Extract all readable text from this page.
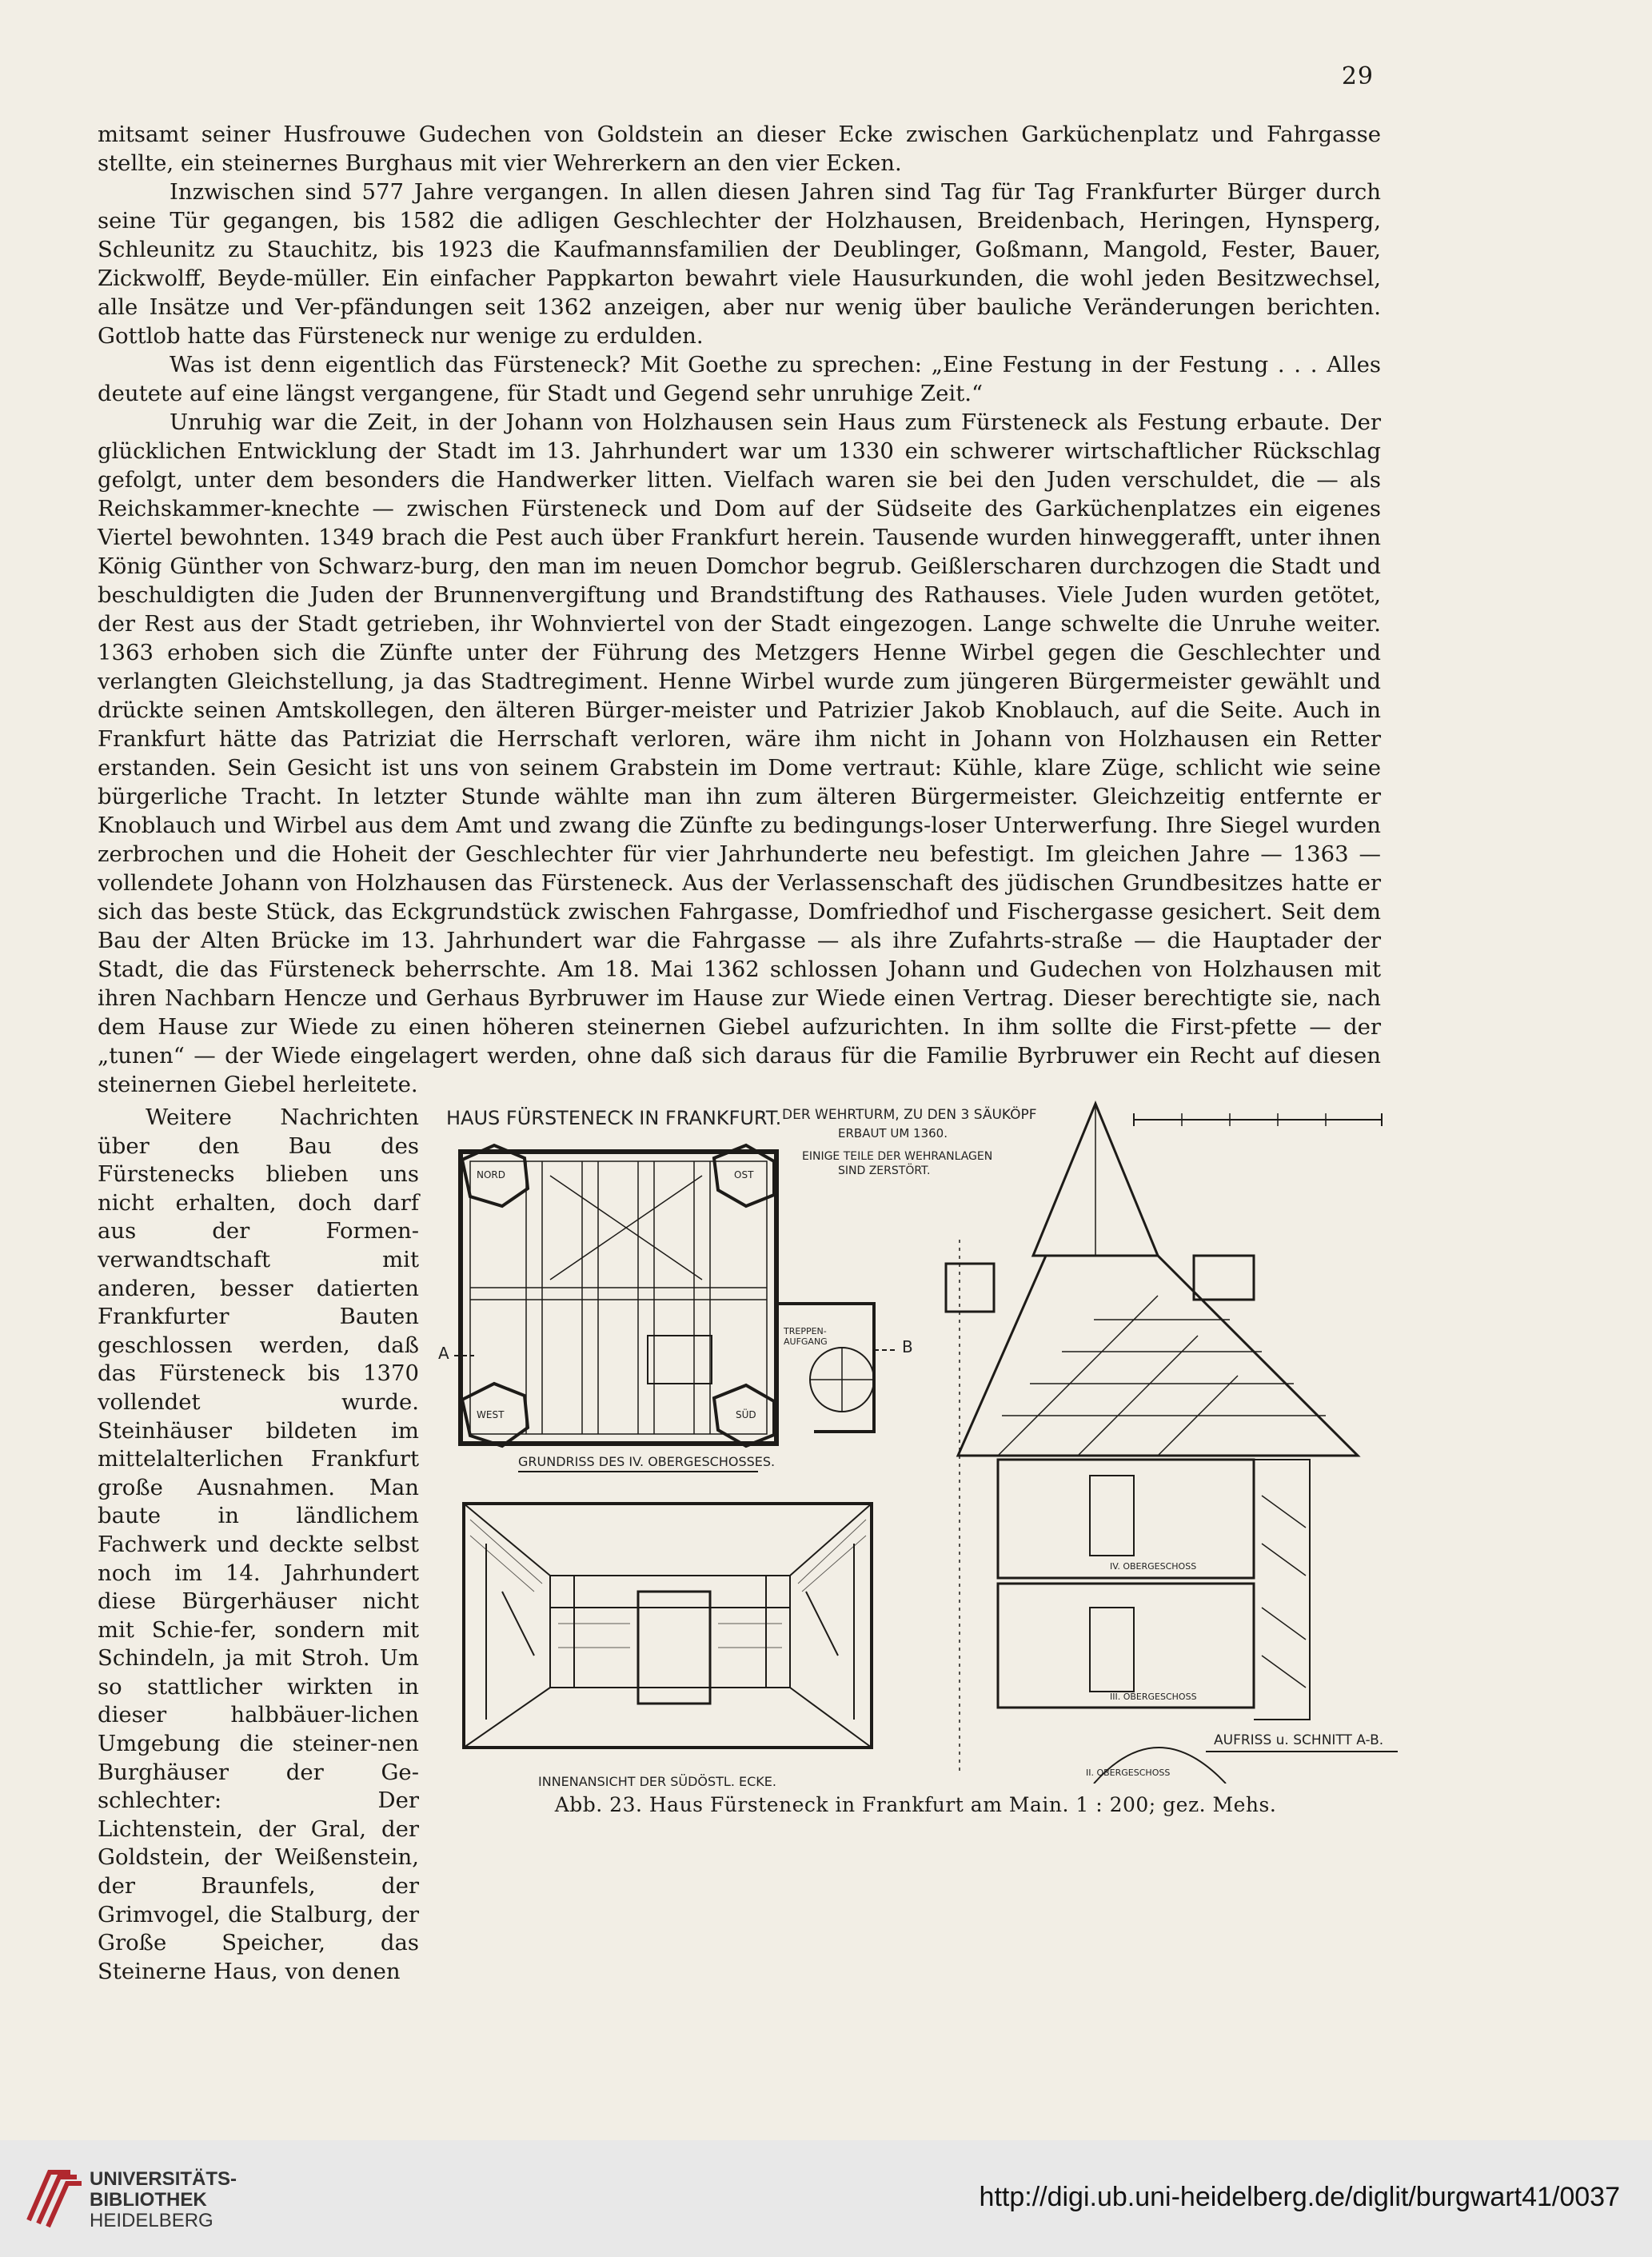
29

mitsamt seiner Husfrouwe Gudechen von Goldstein an dieser Ecke zwischen Garküchenplatz und Fahrgasse stellte, ein steinernes Burghaus mit vier Wehrerkern an den vier Ecken.

Inzwischen sind 577 Jahre vergangen. In allen diesen Jahren sind Tag für Tag Frankfurter Bürger durch seine Tür gegangen, bis 1582 die adligen Geschlechter der Holzhausen, Breidenbach, Heringen, Hynsperg, Schleunitz zu Stauchitz, bis 1923 die Kaufmannsfamilien der Deublinger, Goßmann, Mangold, Fester, Bauer, Zickwolff, Beyde-müller. Ein einfacher Pappkarton bewahrt viele Hausurkunden, die wohl jeden Besitzwechsel, alle Insätze und Ver-pfändungen seit 1362 anzeigen, aber nur wenig über bauliche Veränderungen berichten. Gottlob hatte das Fürsteneck nur wenige zu erdulden.

Was ist denn eigentlich das Fürsteneck? Mit Goethe zu sprechen: „Eine Festung in der Festung . . . Alles deutete auf eine längst vergangene, für Stadt und Gegend sehr unruhige Zeit.“

Unruhig war die Zeit, in der Johann von Holzhausen sein Haus zum Fürsteneck als Festung erbaute. Der glücklichen Entwicklung der Stadt im 13. Jahrhundert war um 1330 ein schwerer wirtschaftlicher Rückschlag gefolgt, unter dem besonders die Handwerker litten. Vielfach waren sie bei den Juden verschuldet, die — als Reichskammer-knechte — zwischen Fürsteneck und Dom auf der Südseite des Garküchenplatzes ein eigenes Viertel bewohnten. 1349 brach die Pest auch über Frankfurt herein. Tausende wurden hinweggerafft, unter ihnen König Günther von Schwarz-burg, den man im neuen Domchor begrub. Geißlerscharen durchzogen die Stadt und beschuldigten die Juden der Brunnenvergiftung und Brandstiftung des Rathauses. Viele Juden wurden getötet, der Rest aus der Stadt getrieben, ihr Wohnviertel von der Stadt eingezogen. Lange schwelte die Unruhe weiter. 1363 erhoben sich die Zünfte unter der Führung des Metzgers Henne Wirbel gegen die Geschlechter und verlangten Gleichstellung, ja das Stadtregiment. Henne Wirbel wurde zum jüngeren Bürgermeister gewählt und drückte seinen Amtskollegen, den älteren Bürger-meister und Patrizier Jakob Knoblauch, auf die Seite. Auch in Frankfurt hätte das Patriziat die Herrschaft verloren, wäre ihm nicht in Johann von Holzhausen ein Retter erstanden. Sein Gesicht ist uns von seinem Grabstein im Dome vertraut: Kühle, klare Züge, schlicht wie seine bürgerliche Tracht. In letzter Stunde wählte man ihn zum älteren Bürgermeister. Gleichzeitig entfernte er Knoblauch und Wirbel aus dem Amt und zwang die Zünfte zu bedingungs-loser Unterwerfung. Ihre Siegel wurden zerbrochen und die Hoheit der Geschlechter für vier Jahrhunderte neu befestigt. Im gleichen Jahre — 1363 — vollendete Johann von Holzhausen das Fürsteneck. Aus der Verlassenschaft des jüdischen Grundbesitzes hatte er sich das beste Stück, das Eckgrundstück zwischen Fahrgasse, Domfriedhof und Fischergasse gesichert. Seit dem Bau der Alten Brücke im 13. Jahrhundert war die Fahrgasse — als ihre Zufahrts-straße — die Hauptader der Stadt, die das Fürsteneck beherrschte. Am 18. Mai 1362 schlossen Johann und Gudechen von Holzhausen mit ihren Nachbarn Hencze und Gerhaus Byrbruwer im Hause zur Wiede einen Vertrag. Dieser berechtigte sie, nach dem Hause zur Wiede zu einen höheren steinernen Giebel aufzurichten. In ihm sollte die First-pfette — der „tunen“ — der Wiede eingelagert werden, ohne daß sich daraus für die Familie Byrbruwer ein Recht auf diesen steinernen Giebel herleitete.

Weitere Nachrichten über den Bau des Fürstenecks blieben uns nicht erhalten, doch darf aus der Formen-verwandtschaft mit anderen, besser datierten Frankfurter Bauten geschlossen werden, daß das Fürsteneck bis 1370 vollendet wurde. Steinhäuser bildeten im mittelalterlichen Frankfurt große Ausnahmen. Man baute in ländlichem Fachwerk und deckte selbst noch im 14. Jahrhundert diese Bürgerhäuser nicht mit Schie-fer, sondern mit Schindeln, ja mit Stroh. Um so stattlicher wirkten in dieser halbbäuer-lichen Umgebung die steiner-nen Burghäuser der Ge-schlechter: Der Lichtenstein, der Gral, der Goldstein, der Weißenstein, der Braunfels, der Grimvogel, die Stalburg, der Große Speicher, das Steinerne Haus, von denen

HAUS FÜRSTENECK IN FRANKFURT. DER WEHRTURM, ZU DEN 3 SÄUKÖPF
ERBAUT UM 1360.
EINIGE TEILE DER WEHRANLAGEN
SIND ZERSTÖRT.
NORD	OST
WEST	SÜD
TREPPEN-AUFGANG
A	B
GRUNDRISS DES IV. OBERGESCHOSSES.
INNENANSICHT DER SÜDÖSTL. ECKE.
IV. OBERGESCHOSS
III. OBERGESCHOSS
II. OBERGESCHOSS
AUFRISS u. SCHNITT A-B.
Abb. 23. Haus Fürsteneck in Frankfurt am Main. 1 : 200; gez. Mehs.
UNIVERSITÄTS-
BIBLIOTHEK
HEIDELBERG
http://digi.ub.uni-heidelberg.de/diglit/burgwart41/0037
